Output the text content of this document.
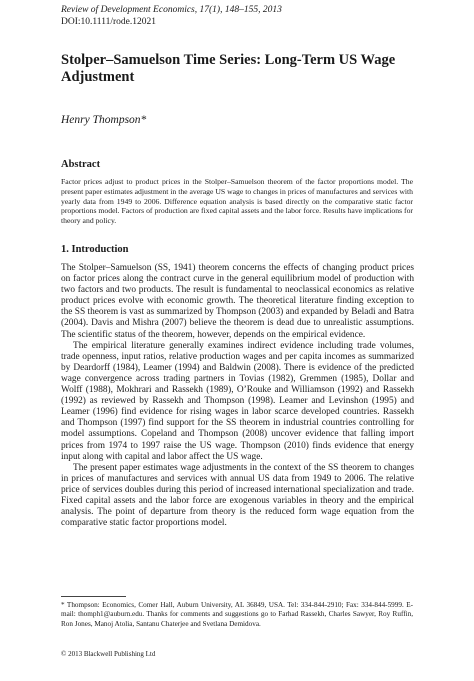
Review of Development Economics, 17(1), 148–155, 2013
DOI:10.1111/rode.12021
Stolper–Samuelson Time Series: Long-Term US Wage Adjustment
Henry Thompson*
Abstract
Factor prices adjust to product prices in the Stolper–Samuelson theorem of the factor proportions model. The present paper estimates adjustment in the average US wage to changes in prices of manufactures and services with yearly data from 1949 to 2006. Difference equation analysis is based directly on the comparative static factor proportions model. Factors of production are fixed capital assets and the labor force. Results have implications for theory and policy.
1. Introduction

The Stolper–Samuelson (SS, 1941) theorem concerns the effects of changing product prices on factor prices along the contract curve in the general equilibrium model of production with two factors and two products. The result is fundamental to neoclassical economics as relative product prices evolve with economic growth. The theoretical literature finding exception to the SS theorem is vast as summarized by Thompson (2003) and expanded by Beladi and Batra (2004). Davis and Mishra (2007) believe the theorem is dead due to unrealistic assumptions. The scientific status of the theorem, however, depends on the empirical evidence.

The empirical literature generally examines indirect evidence including trade volumes, trade openness, input ratios, relative production wages and per capita incomes as summarized by Deardorff (1984), Leamer (1994) and Baldwin (2008). There is evidence of the predicted wage convergence across trading partners in Tovias (1982), Gremmen (1985), Dollar and Wolff (1988), Mokhrari and Rassekh (1989), O’Rouke and Williamson (1992) and Rassekh (1992) as reviewed by Rassekh and Thompson (1998). Leamer and Levinshon (1995) and Leamer (1996) find evidence for rising wages in labor scarce developed countries. Rassekh and Thompson (1997) find support for the SS theorem in industrial countries controlling for model assumptions. Copeland and Thompson (2008) uncover evidence that falling import prices from 1974 to 1997 raise the US wage. Thompson (2010) finds evidence that energy input along with capital and labor affect the US wage.

The present paper estimates wage adjustments in the context of the SS theorem to changes in prices of manufactures and services with annual US data from 1949 to 2006. The relative price of services doubles during this period of increased international specialization and trade. Fixed capital assets and the labor force are exogenous variables in theory and the empirical analysis. The point of departure from theory is the reduced form wage equation from the comparative static factor proportions model.

* Thompson: Economics, Comer Hall, Auburn University, AL 36849, USA. Tel: 334-844-2910; Fax: 334-844-5999. E-mail: thomph1@auburn.edu. Thanks for comments and suggestions go to Farhad Rassekh, Charles Sawyer, Roy Ruffin, Ron Jones, Manoj Atolia, Santanu Chaterjee and Svetlana Demidova.
© 2013 Blackwell Publishing Ltd
